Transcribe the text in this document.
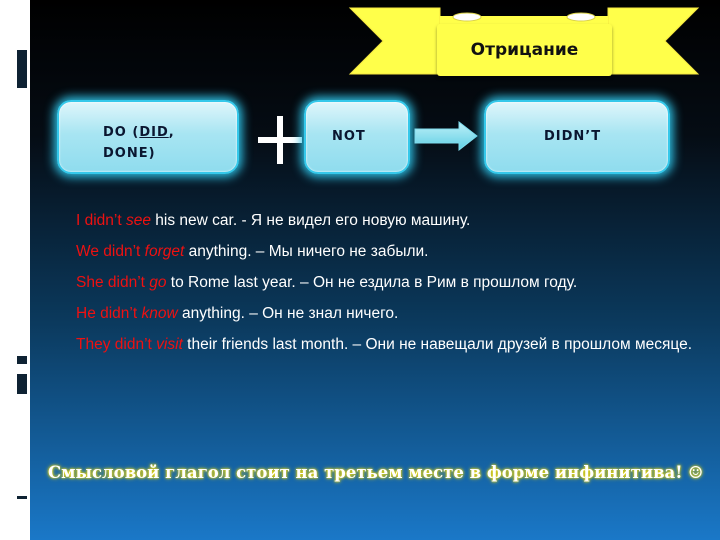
Отрицание
DO (DID,
DONE)
NOT	DIDN’T
I didn’t see his new car. - Я не видел его новую машину.
We didn’t forget anything. – Мы ничего не забыли.
She didn’t go to Rome last year. – Он не ездила в Рим в прошлом году.
He didn’t know anything. – Он не знал ничего.
They didn’t visit their friends last month. – Они не навещали друзей в прошлом месяце.
Смысловой глагол стоит на третьем месте в форме инфинитива! ☺
